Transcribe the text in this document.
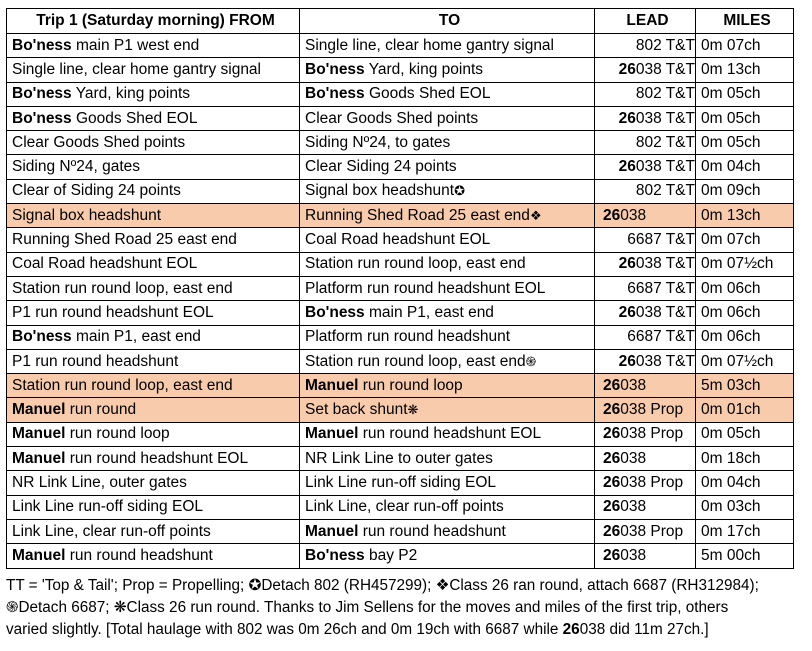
Trip 1 (Saturday morning) FROM	TO	LEAD	MILES
Bo'ness main P1 west end	Single line, clear home gantry signal	802 T&T	0m 07ch
Single line, clear home gantry signal	Bo'ness Yard, king points	26038 T&T	0m 13ch
Bo'ness Yard, king points	Bo'ness Goods Shed EOL	802 T&T	0m 05ch
Bo'ness Goods Shed EOL	Clear Goods Shed points	26038 T&T	0m 05ch
Clear Goods Shed points	Siding Nº24, to gates	802 T&T	0m 05ch
Siding Nº24, gates	Clear Siding 24 points	26038 T&T	0m 04ch
Clear of Siding 24 points	Signal box headshunt✪	802 T&T	0m 09ch
Signal box headshunt	Running Shed Road 25 east end❖	26038	0m 13ch
Running Shed Road 25 east end	Coal Road headshunt EOL	6687 T&T	0m 07ch
Coal Road headshunt EOL	Station run round loop, east end	26038 T&T	0m 07½ch
Station run round loop, east end	Platform run round headshunt EOL	6687 T&T	0m 06ch
P1 run round headshunt EOL	Bo'ness main P1, east end	26038 T&T	0m 06ch
Bo'ness main P1, east end	Platform run round headshunt	6687 T&T	0m 06ch
P1 run round headshunt	Station run round loop, east end֍	26038 T&T	0m 07½ch
Station run round loop, east end	Manuel run round loop	26038	5m 03ch
Manuel run round	Set back shunt❋	26038 Prop	0m 01ch
Manuel run round loop	Manuel run round headshunt EOL	26038 Prop	0m 05ch
Manuel run round headshunt EOL	NR Link Line to outer gates	26038	0m 18ch
NR Link Line, outer gates	Link Line run-off siding EOL	26038 Prop	0m 04ch
Link Line run-off siding EOL	Link Line, clear run-off points	26038	0m 03ch
Link Line, clear run-off points	Manuel run round headshunt	26038 Prop	0m 17ch
Manuel run round headshunt	Bo'ness bay P2	26038	5m 00ch

TT = 'Top & Tail'; Prop = Propelling; ✪Detach 802 (RH457299); ❖Class 26 ran round, attach 6687 (RH312984);

֍Detach 6687; ❋Class 26 run round. Thanks to Jim Sellens for the moves and miles of the first trip, others

varied slightly. [Total haulage with 802 was 0m 26ch and 0m 19ch with 6687 while 26038 did 11m 27ch.]
